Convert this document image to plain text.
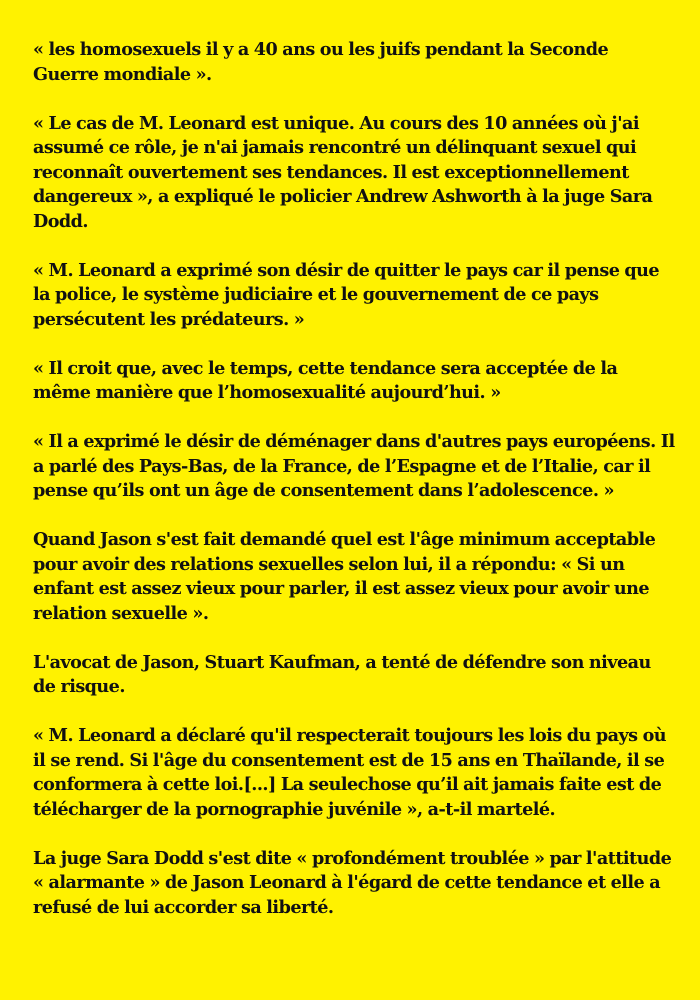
« les homosexuels il y a 40 ans ou les juifs pendant la Seconde Guerre mondiale ».

« Le cas de M. Leonard est unique. Au cours des 10 années où j'ai assumé ce rôle, je n'ai jamais rencontré un délinquant sexuel qui reconnaît ouvertement ses tendances. Il est exceptionnellement dangereux », a expliqué le policier Andrew Ashworth à la juge Sara Dodd.

« M. Leonard a exprimé son désir de quitter le pays car il pense que la police, le système judiciaire et le gouvernement de ce pays persécutent les prédateurs. »

« Il croit que, avec le temps, cette tendance sera acceptée de la même manière que l’homosexualité aujourd’hui. »

« Il a exprimé le désir de déménager dans d'autres pays européens. Il a parlé des Pays-Bas, de la France, de l’Espagne et de l’Italie, car il pense qu’ils ont un âge de consentement dans l’adolescence. »

Quand Jason s'est fait demandé quel est l'âge minimum acceptable pour avoir des relations sexuelles selon lui, il a répondu: « Si un enfant est assez vieux pour parler, il est assez vieux pour avoir une relation sexuelle ».

L'avocat de Jason, Stuart Kaufman, a tenté de défendre son niveau de risque.

« M. Leonard a déclaré qu'il respecterait toujours les lois du pays où il se rend. Si l'âge du consentement est de 15 ans en Thaïlande, il se conformera à cette loi.[...] La seulechose qu’il ait jamais faite est de télécharger de la pornographie juvénile », a-t-il martelé.

La juge Sara Dodd s'est dite « profondément troublée » par l'attitude « alarmante » de Jason Leonard à l'égard de cette tendance et elle a refusé de lui accorder sa liberté.
